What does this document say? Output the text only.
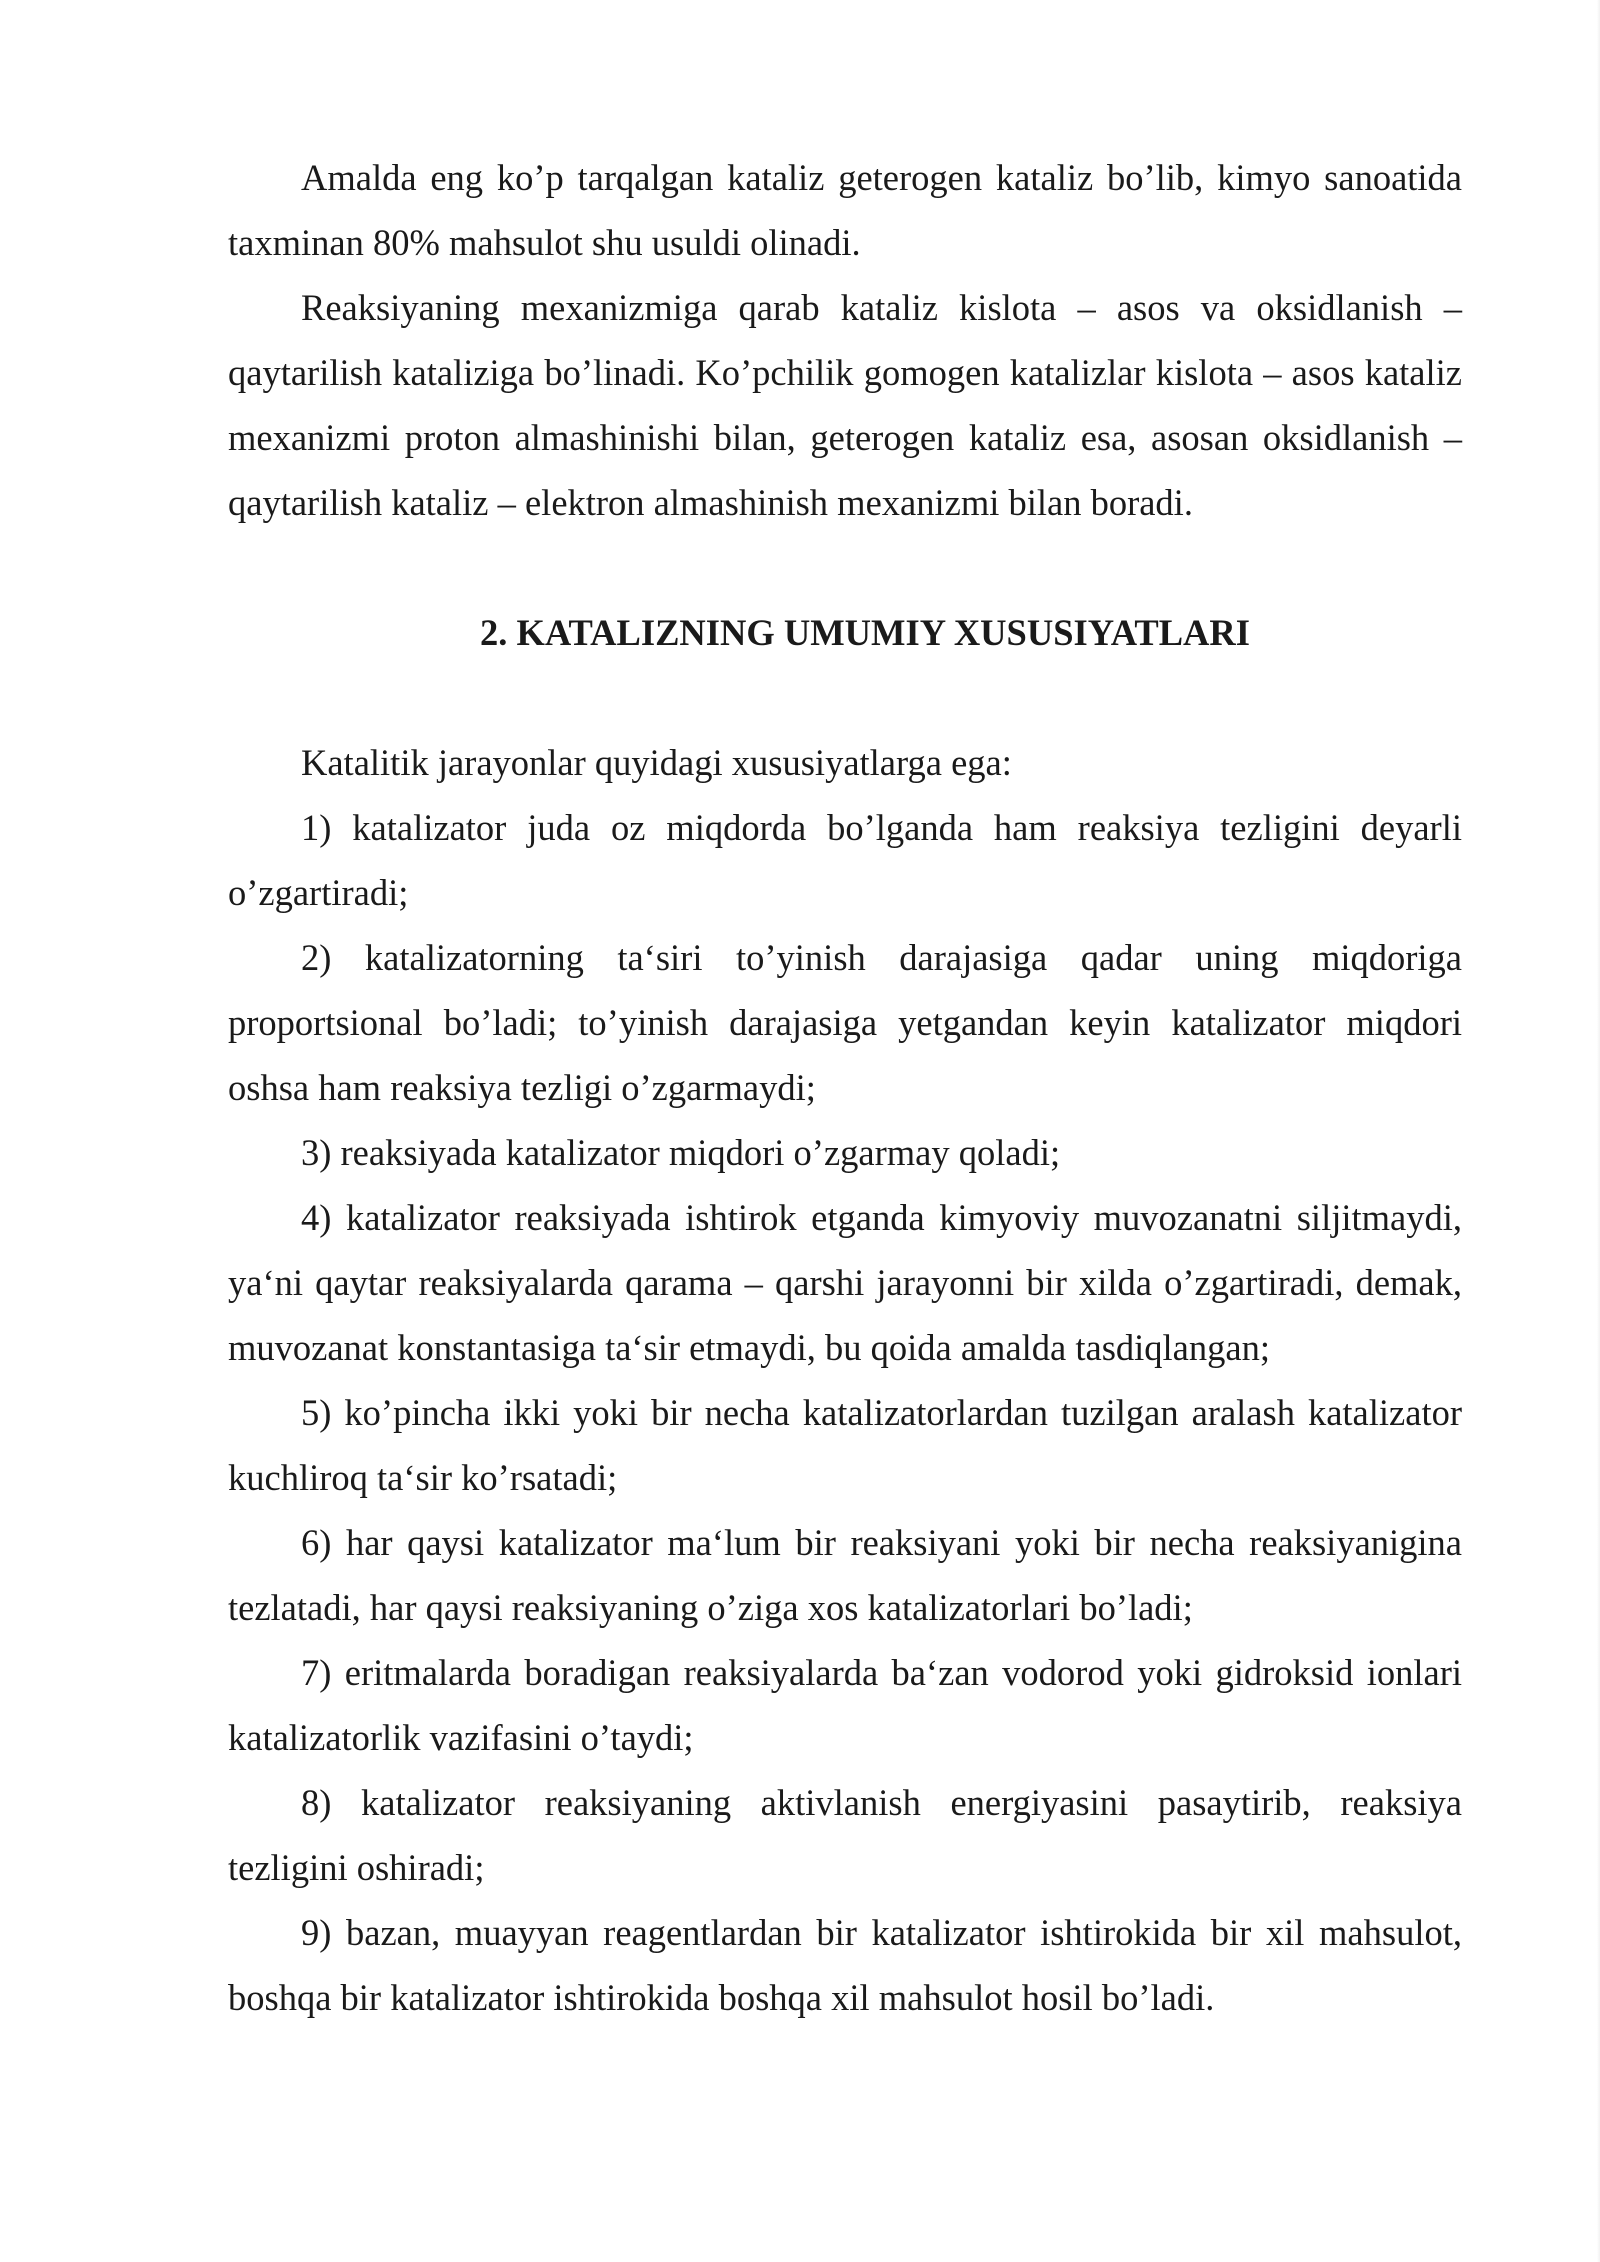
Amalda eng ko’p tarqalgan kataliz geterogen kataliz bo’lib, kimyo sanoatida taxminan 80% mahsulot shu usuldi olinadi.

Reaksiyaning mexanizmiga qarab kataliz kislota – asos va oksidlanish – qaytarilish kataliziga bo’linadi. Ko’pchilik gomogen katalizlar kislota – asos kataliz mexanizmi proton almashinishi bilan, geterogen kataliz esa, asosan oksidlanish – qaytarilish kataliz – elektron almashinish mexanizmi bilan boradi.

2. KATALIZNING UMUMIY XUSUSIYATLARI

Katalitik jarayonlar quyidagi xususiyatlarga ega:

1) katalizator juda oz miqdorda bo’lganda ham reaksiya tezligini deyarli o’zgartiradi;

2) katalizatorning ta‘siri to’yinish darajasiga qadar uning miqdoriga proportsional bo’ladi; to’yinish darajasiga yetgandan keyin katalizator miqdori oshsa ham reaksiya tezligi o’zgarmaydi;

3) reaksiyada katalizator miqdori o’zgarmay qoladi;

4) katalizator reaksiyada ishtirok etganda kimyoviy muvozanatni siljitmaydi, ya‘ni qaytar reaksiyalarda qarama – qarshi jarayonni bir xilda o’zgartiradi, demak, muvozanat konstantasiga ta‘sir etmaydi, bu qoida amalda tasdiqlangan;

5) ko’pincha ikki yoki bir necha katalizatorlardan tuzilgan aralash katalizator kuchliroq ta‘sir ko’rsatadi;

6) har qaysi katalizator ma‘lum bir reaksiyani yoki bir necha reaksiyanigina tezlatadi, har qaysi reaksiyaning o’ziga xos katalizatorlari bo’ladi;

7) eritmalarda boradigan reaksiyalarda ba‘zan vodorod yoki gidroksid ionlari katalizatorlik vazifasini o’taydi;

8) katalizator reaksiyaning aktivlanish energiyasini pasaytirib, reaksiya tezligini oshiradi;

9) bazan, muayyan reagentlardan bir katalizator ishtirokida bir xil mahsulot, boshqa bir katalizator ishtirokida boshqa xil mahsulot hosil bo’ladi.
